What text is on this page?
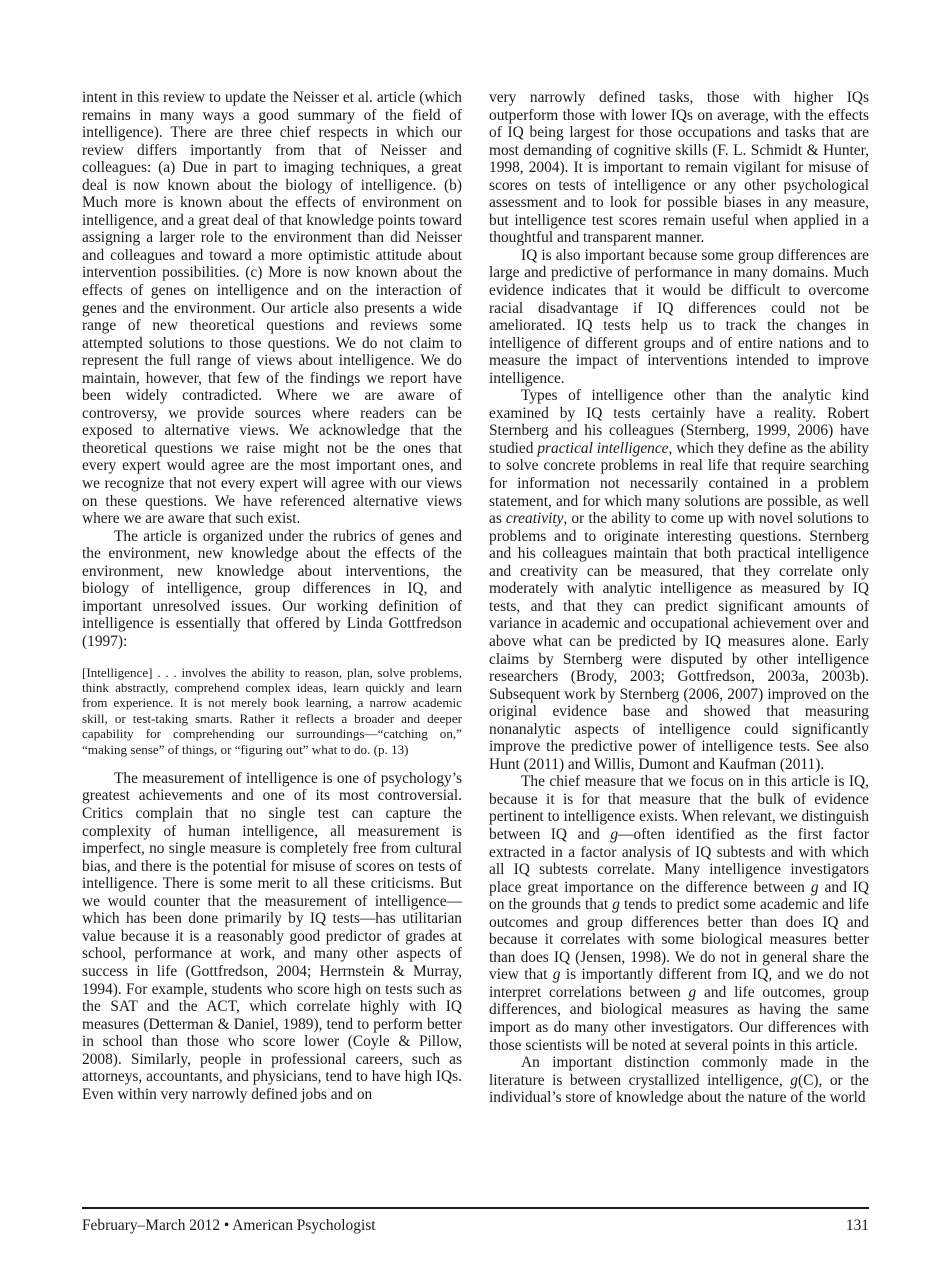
intent in this review to update the Neisser et al. article (which remains in many ways a good summary of the field of intelligence). There are three chief respects in which our review differs importantly from that of Neisser and colleagues: (a) Due in part to imaging techniques, a great deal is now known about the biology of intelligence. (b) Much more is known about the effects of environment on intelligence, and a great deal of that knowledge points toward assigning a larger role to the environment than did Neisser and colleagues and toward a more optimistic attitude about intervention possibilities. (c) More is now known about the effects of genes on intelligence and on the interaction of genes and the environment. Our article also presents a wide range of new theoretical questions and reviews some attempted solutions to those questions. We do not claim to represent the full range of views about intelligence. We do maintain, however, that few of the findings we report have been widely contradicted. Where we are aware of controversy, we provide sources where readers can be exposed to alternative views. We acknowledge that the theoretical questions we raise might not be the ones that every expert would agree are the most important ones, and we recognize that not every expert will agree with our views on these questions. We have referenced alternative views where we are aware that such exist.

The article is organized under the rubrics of genes and the environment, new knowledge about the effects of the environment, new knowledge about interventions, the biology of intelligence, group differences in IQ, and important unresolved issues. Our working definition of intelligence is essentially that offered by Linda Gottfredson (1997):

[Intelligence] . . . involves the ability to reason, plan, solve problems, think abstractly, comprehend complex ideas, learn quickly and learn from experience. It is not merely book learning, a narrow academic skill, or test-taking smarts. Rather it reflects a broader and deeper capability for comprehending our surroundings—“catching on,” “making sense” of things, or “figuring out” what to do. (p. 13)

The measurement of intelligence is one of psychology’s greatest achievements and one of its most controversial. Critics complain that no single test can capture the complexity of human intelligence, all measurement is imperfect, no single measure is completely free from cultural bias, and there is the potential for misuse of scores on tests of intelligence. There is some merit to all these criticisms. But we would counter that the measurement of intelligence—which has been done primarily by IQ tests—has utilitarian value because it is a reasonably good predictor of grades at school, performance at work, and many other aspects of success in life (Gottfredson, 2004; Herrnstein & Murray, 1994). For example, students who score high on tests such as the SAT and the ACT, which correlate highly with IQ measures (Detterman & Daniel, 1989), tend to perform better in school than those who score lower (Coyle & Pillow, 2008). Similarly, people in professional careers, such as attorneys, accountants, and physicians, tend to have high IQs. Even within very narrowly defined jobs and on

very narrowly defined tasks, those with higher IQs outperform those with lower IQs on average, with the effects of IQ being largest for those occupations and tasks that are most demanding of cognitive skills (F. L. Schmidt & Hunter, 1998, 2004). It is important to remain vigilant for misuse of scores on tests of intelligence or any other psychological assessment and to look for possible biases in any measure, but intelligence test scores remain useful when applied in a thoughtful and transparent manner.

IQ is also important because some group differences are large and predictive of performance in many domains. Much evidence indicates that it would be difficult to overcome racial disadvantage if IQ differences could not be ameliorated. IQ tests help us to track the changes in intelligence of different groups and of entire nations and to measure the impact of interventions intended to improve intelligence.

Types of intelligence other than the analytic kind examined by IQ tests certainly have a reality. Robert Sternberg and his colleagues (Sternberg, 1999, 2006) have studied practical intelligence, which they define as the ability to solve concrete problems in real life that require searching for information not necessarily contained in a problem statement, and for which many solutions are possible, as well as creativity, or the ability to come up with novel solutions to problems and to originate interesting questions. Sternberg and his colleagues maintain that both practical intelligence and creativity can be measured, that they correlate only moderately with analytic intelligence as measured by IQ tests, and that they can predict significant amounts of variance in academic and occupational achievement over and above what can be predicted by IQ measures alone. Early claims by Sternberg were disputed by other intelligence researchers (Brody, 2003; Gottfredson, 2003a, 2003b). Subsequent work by Sternberg (2006, 2007) improved on the original evidence base and showed that measuring nonanalytic aspects of intelligence could significantly improve the predictive power of intelligence tests. See also Hunt (2011) and Willis, Dumont and Kaufman (2011).

The chief measure that we focus on in this article is IQ, because it is for that measure that the bulk of evidence pertinent to intelligence exists. When relevant, we distinguish between IQ and g—often identified as the first factor extracted in a factor analysis of IQ subtests and with which all IQ subtests correlate. Many intelligence investigators place great importance on the difference between g and IQ on the grounds that g tends to predict some academic and life outcomes and group differences better than does IQ and because it correlates with some biological measures better than does IQ (Jensen, 1998). We do not in general share the view that g is importantly different from IQ, and we do not interpret correlations between g and life outcomes, group differences, and biological measures as having the same import as do many other investigators. Our differences with those scientists will be noted at several points in this article.

An important distinction commonly made in the literature is between crystallized intelligence, g(C), or the individual’s store of knowledge about the nature of the world

February–March 2012 • American Psychologist	131
